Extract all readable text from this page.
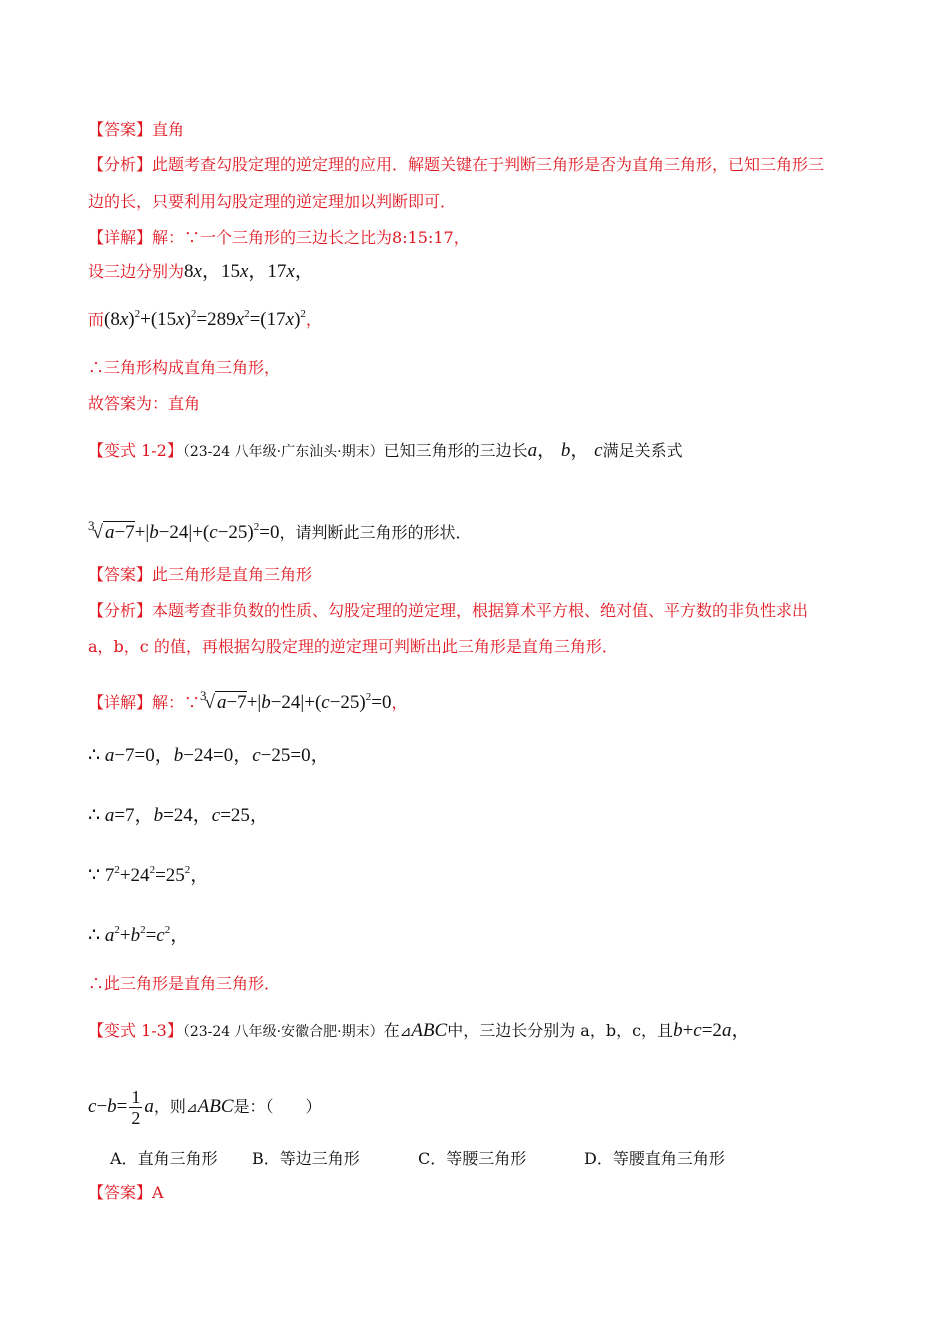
【答案】直角
【分析】此题考查勾股定理的逆定理的应用．解题关键在于判断三角形是否为直角三角形，已知三角形三
边的长，只要利用勾股定理的逆定理加以判断即可．
【详解】解：∵一个三角形的三边长之比为8:15:17，
设三边分别为8x，15x，17x，
而$(8x)^2+(15x)^2=289x^2=(17x)^2$，
∴三角形构成直角三角形，
故答案为：直角
【变式 1-2】（23-24 八年级·广东汕头·期末）已知三角形的三边长a， b， c满足关系式
$^3$√ $a-7+|b-24|+(c-25)^2=0$，请判断此三角形的形状．
【答案】此三角形是直角三角形
【分析】本题考查非负数的性质、勾股定理的逆定理，根据算术平方根、绝对值、平方数的非负性求出
a，b，c 的值，再根据勾股定理的逆定理可判断出此三角形是直角三角形．
【详解】解：∵$^3$√ $a-7+|b-24|+(c-25)^2=0$，
∴ a−7=0，b−24=0，c−25=0，
∴ a=7，b=24，c=25，
∵ $7^2+24^2=25^2$，
∴ $a^2+b^2=c^2$，
∴此三角形是直角三角形．
【变式 1-3】（23-24 八年级·安徽合肥·期末）在⊿ABC中，三边长分别为 a，b，c，且b+c=2a，
$c-b= \frac{1}{2}$ a，则⊿ABC是：（　　）
A．直角三角形 B．等边三角形	C．等腰三角形	D．等腰直角三角形
【答案】A
